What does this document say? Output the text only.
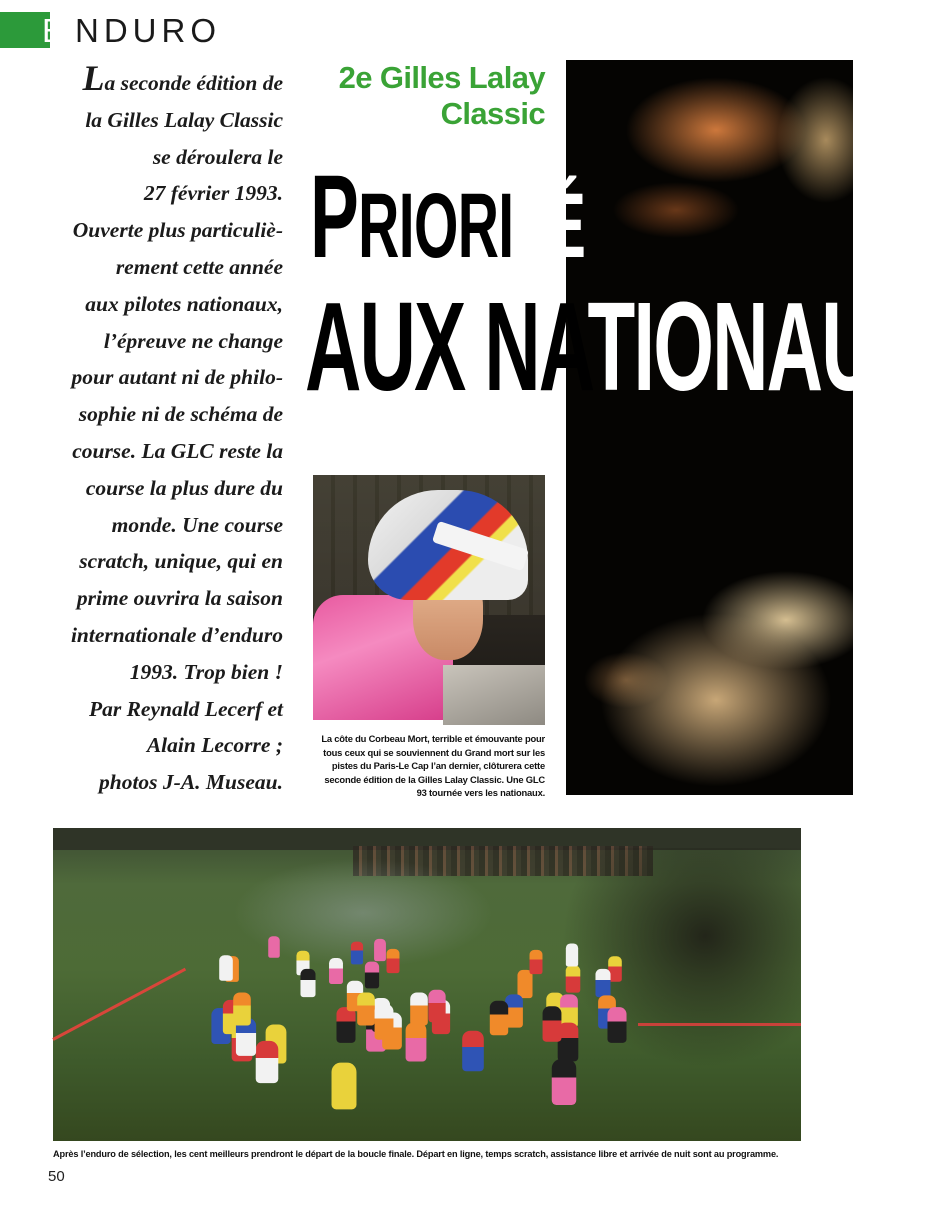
E NDURO
La seconde édition de
la Gilles Lalay Classic
se déroulera le
27 février 1993.
Ouverte plus particuliè-
rement cette année
aux pilotes nationaux,
l’épreuve ne change
pour autant ni de philo-
sophie ni de schéma de
course. La GLC reste la
course la plus dure du
monde. Une course
scratch, unique, qui en
prime ouvrira la saison
internationale d’enduro
1993. Trop bien !
Par Reynald Lecerf et
Alain Lecorre ;
photos J-A. Museau.
2e Gilles Lalay
Classic
PRIORITÉ
AUX NATIONAUX
La côte du Corbeau Mort, terrible et émouvante pour tous ceux qui se souviennent du Grand mort sur les pistes du Paris-Le Cap l’an dernier, clôturera cette seconde édition de la Gilles Lalay Classic. Une GLC 93 tournée vers les nationaux.
Après l’enduro de sélection, les cent meilleurs prendront le départ de la boucle finale. Départ en ligne, temps scratch, assistance libre et arrivée de nuit sont au programme.
50
